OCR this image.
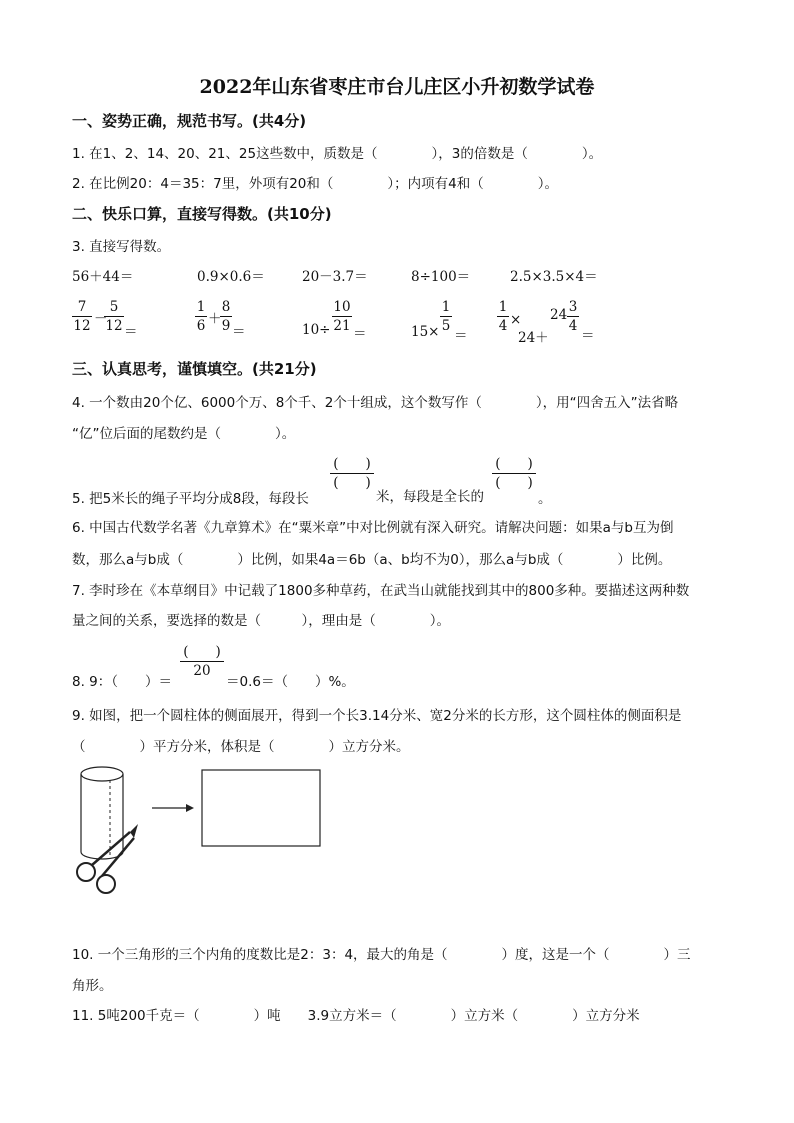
2022年山东省枣庄市台儿庄区小升初数学试卷
一、姿势正确，规范书写。(共4分)
1. 在1、2、14、20、21、25这些数中，质数是（　　　　），3的倍数是（　　　　）。
2. 在比例20：4＝35：7里，外项有20和（　　　　）；内项有4和（　　　　）。
二、快乐口算，直接写得数。(共10分)
3. 直接写得数。
56＋44＝	0.9×0.6＝	20－3.7＝	8÷100＝	2.5×3.5×4＝
7
12 －
5
12 ＝
1
6 ＋
8
9 ＝	10÷
10
21 ＝	15×
1
5
＝
1
4 ×
24＋
24 3
4
＝
三、认真思考，谨慎填空。(共21分)
4. 一个数由20个亿、6000个万、8个千、2个十组成，这个数写作（　　　　），用“四舍五入”法省略
“亿”位后面的尾数约是（　　　　）。
5. 把5米长的绳子平均分成8段，每段长
(　　)
(　　)
米，每段是全长的
(　　)
(　　)
。
6. 中国古代数学名著《九章算术》在“粟米章”中对比例就有深入研究。请解决问题：如果a与b互为倒
数，那么a与b成（　　　　）比例，如果4a＝6b（a、b均不为0），那么a与b成（　　　　）比例。
7. 李时珍在《本草纲目》中记载了1800多种草药，在武当山就能找到其中的800多种。要描述这两种数
量之间的关系，要选择的数是（　　　），理由是（　　　　）。
8. 9：（　　）＝
(　　)
20
＝0.6＝（　　）%。
9. 如图，把一个圆柱体的侧面展开，得到一个长3.14分米、宽2分米的长方形，这个圆柱体的侧面积是
（　　　　）平方分米，体积是（　　　　）立方分米。
10. 一个三角形的三个内角的度数比是2：3：4，最大的角是（　　　　）度，这是一个（　　　　）三
角形。
11. 5吨200千克＝（　　　　）吨　　3.9立方米＝（　　　　）立方米（　　　　）立方分米
